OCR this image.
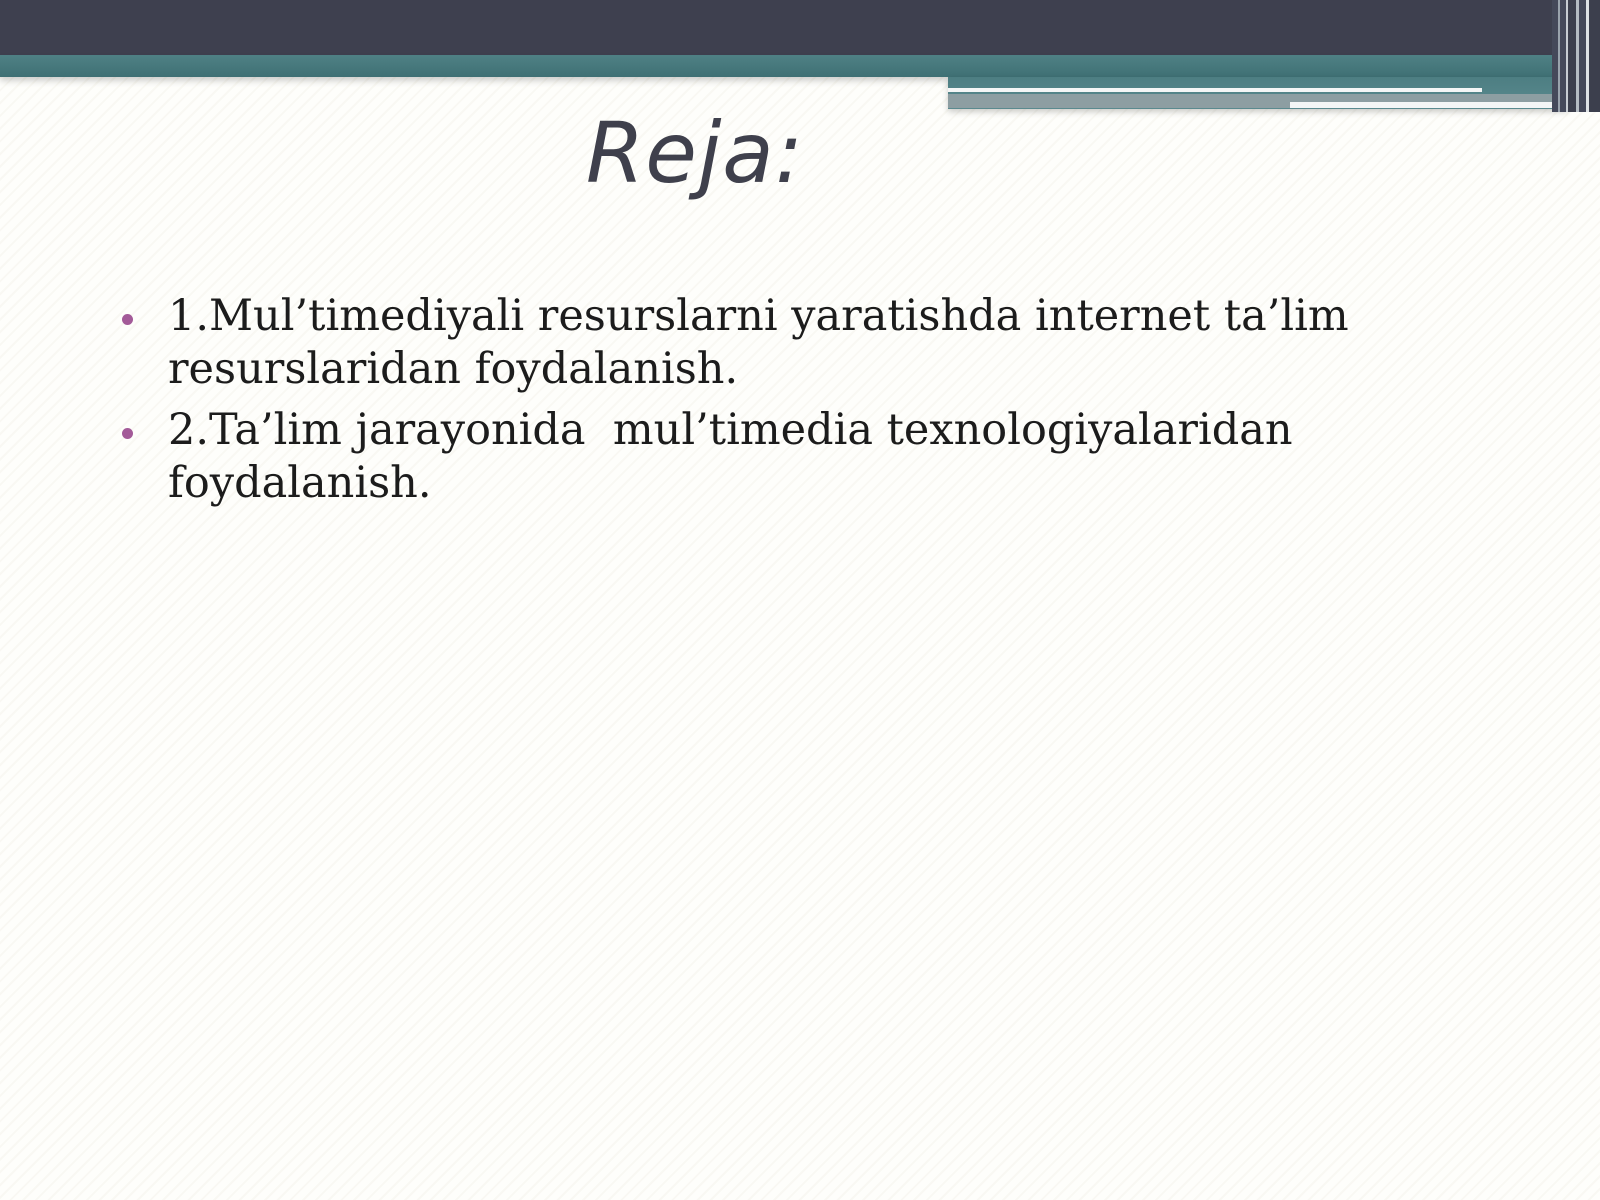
Reja:
1.Mul’timediyali resurslarni yaratishda internet ta’lim resurslaridan foydalanish.
2.Ta’lim jarayonida  mul’timedia texnologiyalaridan foydalanish.
